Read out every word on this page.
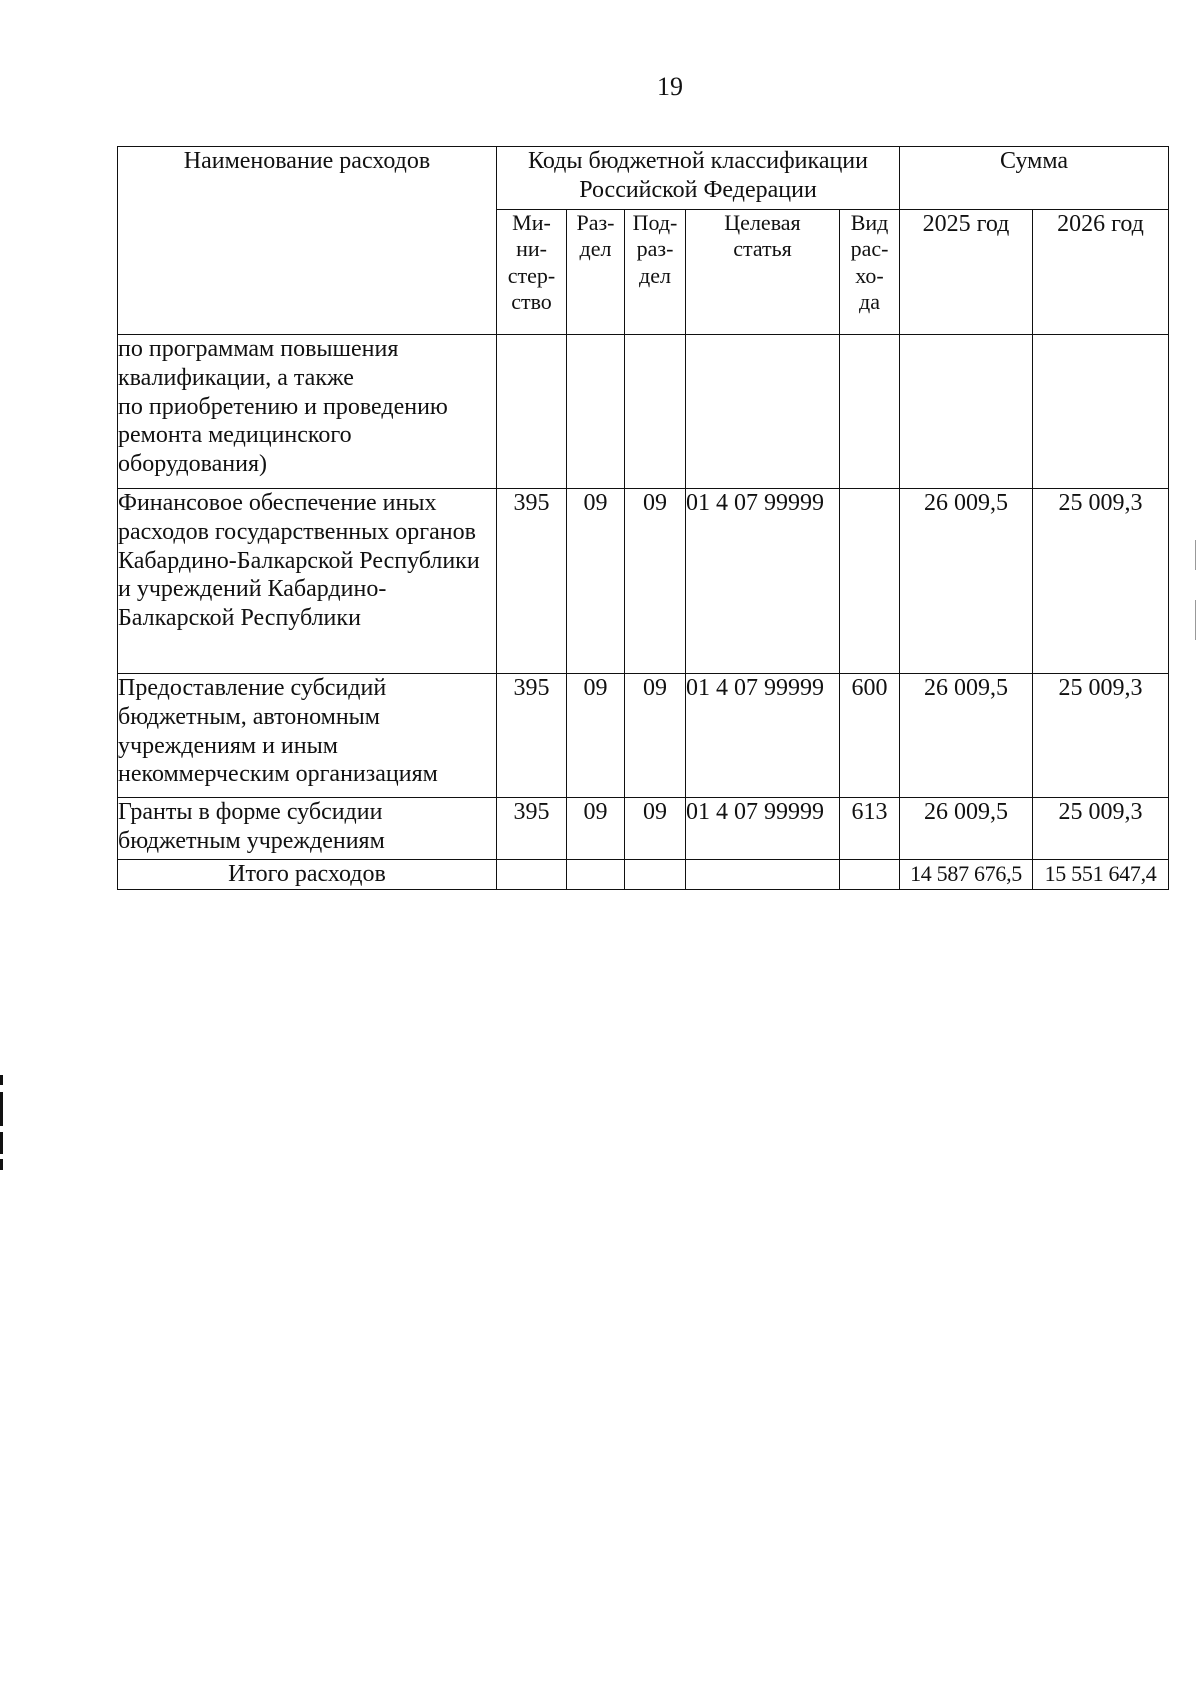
19
Наименование расходов	Коды бюджетной классификации Российской Федерации					Сумма	
	Ми-
ни-
стер-
ство	Раз-
дел	Под-
раз-
дел	Целевая
статья	Вид
рас-
хо-
да	2025 год	2026 год
по программам повышения квалификации, а также
по приобретению и проведению ремонта медицинского оборудования)							
Финансовое обеспечение иных расходов государственных органов Кабардино-Балкарской Республики и учреждений Кабардино-Балкарской Республики	395	09	09	01 4 07 99999		26 009,5	25 009,3
Предоставление субсидий бюджетным, автономным учреждениям и иным некоммерческим организациям	395	09	09	01 4 07 99999	600	26 009,5	25 009,3
Гранты в форме субсидии бюджетным учреждениям	395	09	09	01 4 07 99999	613	26 009,5	25 009,3
Итого расходов						14 587 676,5	15 551 647,4
